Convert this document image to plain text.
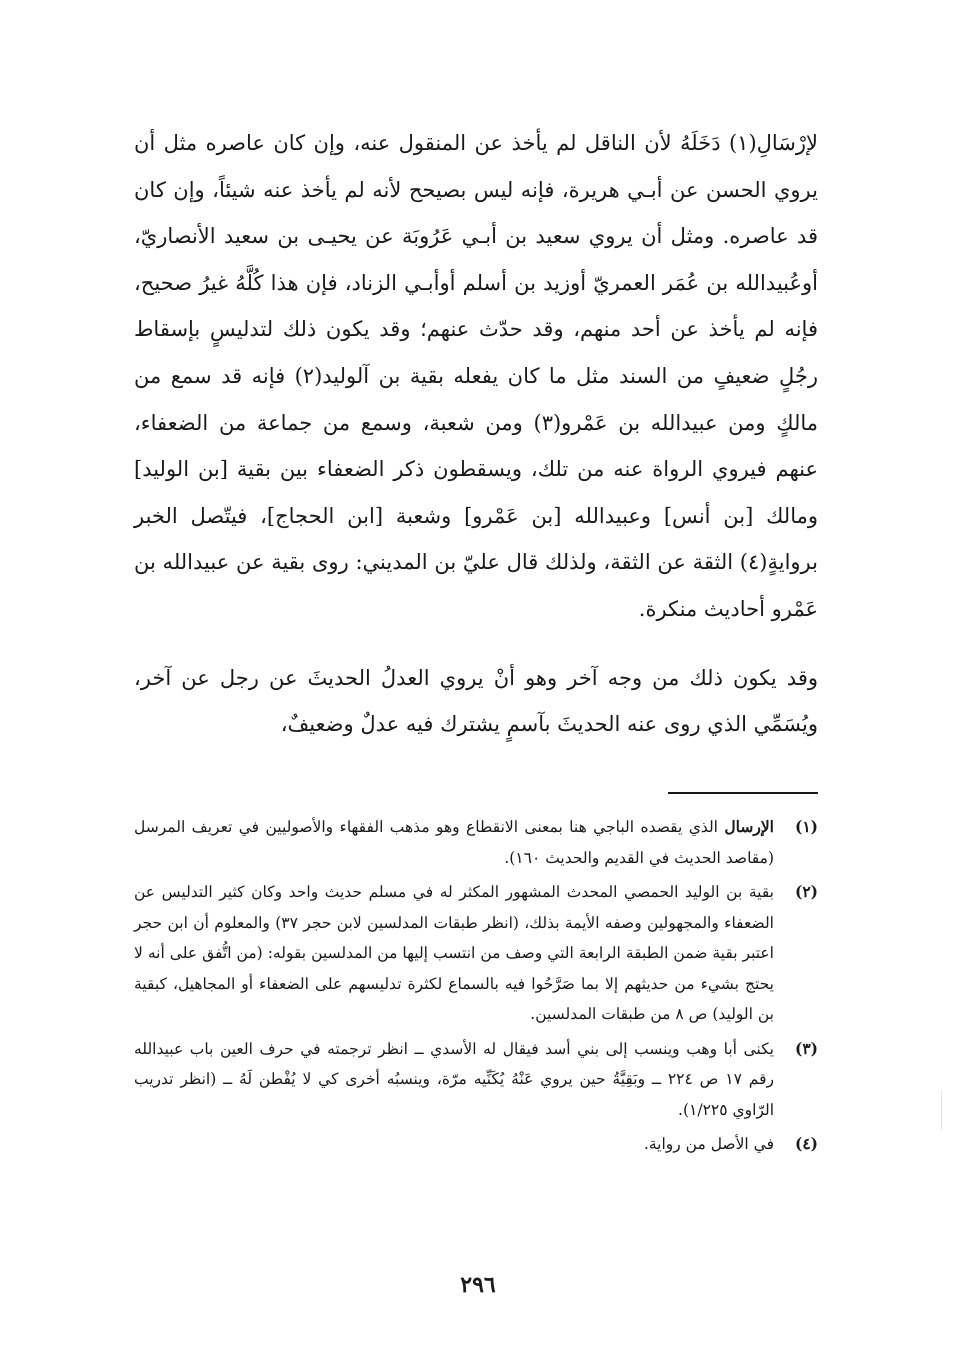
لإرْسَالِ(١) دَخَلَهُ لأن الناقل لم يأخذ عن المنقول عنه، وإن كان عاصره مثل أن يروي الحسن عن أبـي هريرة، فإنه ليس بصيحح لأنه لم يأخذ عنه شيئاً، وإن كان قد عاصره. ومثل أن يروي سعيد بن أبـي عَرُوبَة عن يحيـى بن سعيد الأنصاريّ، أوعُبيدالله بن عُمَر العمريّ أوزيد بن أسلم أوأبـي الزناد، فإن هذا كُلَّهُ غيرُ صحيح، فإنه لم يأخذ عن أحد منهم، وقد حدّث عنهم؛ وقد يكون ذلك لتدليسٍ بإسقاط رجُلٍ ضعيفٍ من السند مثل ما كان يفعله بقية بن آلوليد(٢) فإنه قد سمع من مالكٍ ومن عبيدالله بن عَمْرو(٣) ومن شعبة، وسمع من جماعة من الضعفاء، عنهم فيروي الرواة عنه من تلك، ويسقطون ذكر الضعفاء بين بقية [بن الوليد] ومالك [بن أنس] وعبيدالله [بن عَمْرو] وشعبة [ابن الحجاج]، فيتّصل الخبر بروايةٍ(٤) الثقة عن الثقة، ولذلك قال عليّ بن المديني: روى بقية عن عبيدالله بن عَمْرو أحاديث منكرة.

وقد يكون ذلك من وجه آخر وهو أنْ يروي العدلُ الحديثَ عن رجل عن آخر، ويُسَمِّي الذي روى عنه الحديثَ بآسمٍ يشترك فيه عدلٌ وضعيفٌ،

(١)
الإرسال الذي يقصده الباجي هنا بمعنى الانقطاع وهو مذهب الفقهاء والأصوليين في تعريف المرسل (مقاصد الحديث في القديم والحديث ١٦٠).
(٢)
بقية بن الوليد الحمصي المحدث المشهور المكثر له في مسلم حديث واحد وكان كثير التدليس عن الضعفاء والمجهولين وصفه الأيمة بذلك، (انظر طبقات المدلسين لابن حجر ٣٧) والمعلوم أن ابن حجر اعتبر بقية ضمن الطبقة الرابعة التي وصف من انتسب إليها من المدلسين بقوله: (من اتُّفق على أنه لا يحتج بشيء من حديثهم إلا بما صَرَّحُوا فيه بالسماع لكثرة تدليسهم على الضعفاء أو المجاهيل، كبقية بن الوليد) ص ٨ من طبقات المدلسين.
(٣)
يكنى أبا وهب وينسب إلى بني أسد فيقال له الأسدي ــ انظر ترجمته في حرف العين باب عبيدالله رقم ١٧ ص ٢٢٤ ــ وبَقِيَّةُ حين يروي عَنْهُ يُكَنِّيه مرّة، وينسبُه أخرى كي لا يُفْطن لَهُ ــ (انظر تدريب الرّاوي ١/٢٢٥).
(٤)
في الأصل من رواية.
٢٩٦
